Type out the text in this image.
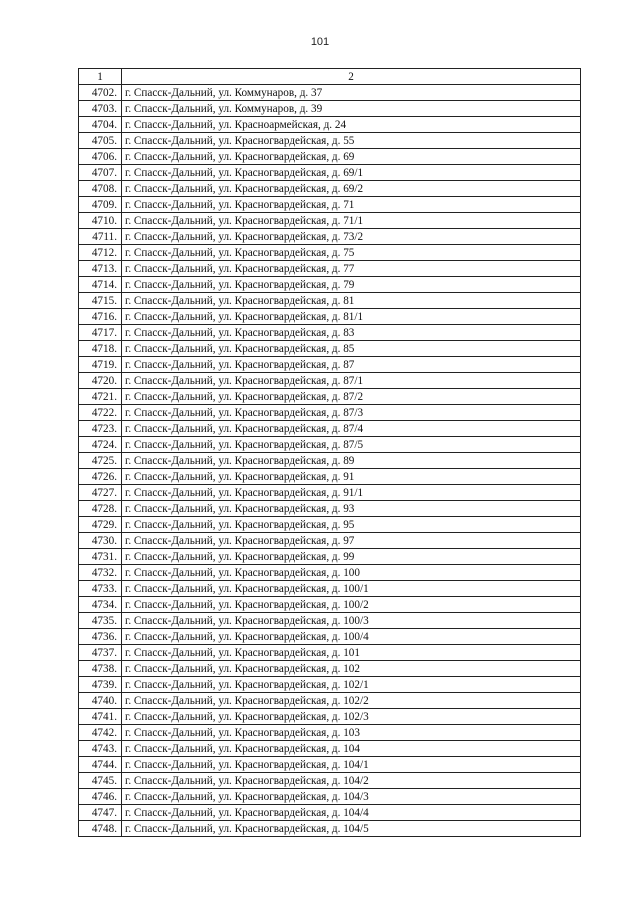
101
1	2
4702.	г. Спасск-Дальний, ул. Коммунаров, д. 37
4703.	г. Спасск-Дальний, ул. Коммунаров, д. 39
4704.	г. Спасск-Дальний, ул. Красноармейская, д. 24
4705.	г. Спасск-Дальний, ул. Красногвардейская, д. 55
4706.	г. Спасск-Дальний, ул. Красногвардейская, д. 69
4707.	г. Спасск-Дальний, ул. Красногвардейская, д. 69/1
4708.	г. Спасск-Дальний, ул. Красногвардейская, д. 69/2
4709.	г. Спасск-Дальний, ул. Красногвардейская, д. 71
4710.	г. Спасск-Дальний, ул. Красногвардейская, д. 71/1
4711.	г. Спасск-Дальний, ул. Красногвардейская, д. 73/2
4712.	г. Спасск-Дальний, ул. Красногвардейская, д. 75
4713.	г. Спасск-Дальний, ул. Красногвардейская, д. 77
4714.	г. Спасск-Дальний, ул. Красногвардейская, д. 79
4715.	г. Спасск-Дальний, ул. Красногвардейская, д. 81
4716.	г. Спасск-Дальний, ул. Красногвардейская, д. 81/1
4717.	г. Спасск-Дальний, ул. Красногвардейская, д. 83
4718.	г. Спасск-Дальний, ул. Красногвардейская, д. 85
4719.	г. Спасск-Дальний, ул. Красногвардейская, д. 87
4720.	г. Спасск-Дальний, ул. Красногвардейская, д. 87/1
4721.	г. Спасск-Дальний, ул. Красногвардейская, д. 87/2
4722.	г. Спасск-Дальний, ул. Красногвардейская, д. 87/3
4723.	г. Спасск-Дальний, ул. Красногвардейская, д. 87/4
4724.	г. Спасск-Дальний, ул. Красногвардейская, д. 87/5
4725.	г. Спасск-Дальний, ул. Красногвардейская, д. 89
4726.	г. Спасск-Дальний, ул. Красногвардейская, д. 91
4727.	г. Спасск-Дальний, ул. Красногвардейская, д. 91/1
4728.	г. Спасск-Дальний, ул. Красногвардейская, д. 93
4729.	г. Спасск-Дальний, ул. Красногвардейская, д. 95
4730.	г. Спасск-Дальний, ул. Красногвардейская, д. 97
4731.	г. Спасск-Дальний, ул. Красногвардейская, д. 99
4732.	г. Спасск-Дальний, ул. Красногвардейская, д. 100
4733.	г. Спасск-Дальний, ул. Красногвардейская, д. 100/1
4734.	г. Спасск-Дальний, ул. Красногвардейская, д. 100/2
4735.	г. Спасск-Дальний, ул. Красногвардейская, д. 100/3
4736.	г. Спасск-Дальний, ул. Красногвардейская, д. 100/4
4737.	г. Спасск-Дальний, ул. Красногвардейская, д. 101
4738.	г. Спасск-Дальний, ул. Красногвардейская, д. 102
4739.	г. Спасск-Дальний, ул. Красногвардейская, д. 102/1
4740.	г. Спасск-Дальний, ул. Красногвардейская, д. 102/2
4741.	г. Спасск-Дальний, ул. Красногвардейская, д. 102/3
4742.	г. Спасск-Дальний, ул. Красногвардейская, д. 103
4743.	г. Спасск-Дальний, ул. Красногвардейская, д. 104
4744.	г. Спасск-Дальний, ул. Красногвардейская, д. 104/1
4745.	г. Спасск-Дальний, ул. Красногвардейская, д. 104/2
4746.	г. Спасск-Дальний, ул. Красногвардейская, д. 104/3
4747.	г. Спасск-Дальний, ул. Красногвардейская, д. 104/4
4748.	г. Спасск-Дальний, ул. Красногвардейская, д. 104/5
